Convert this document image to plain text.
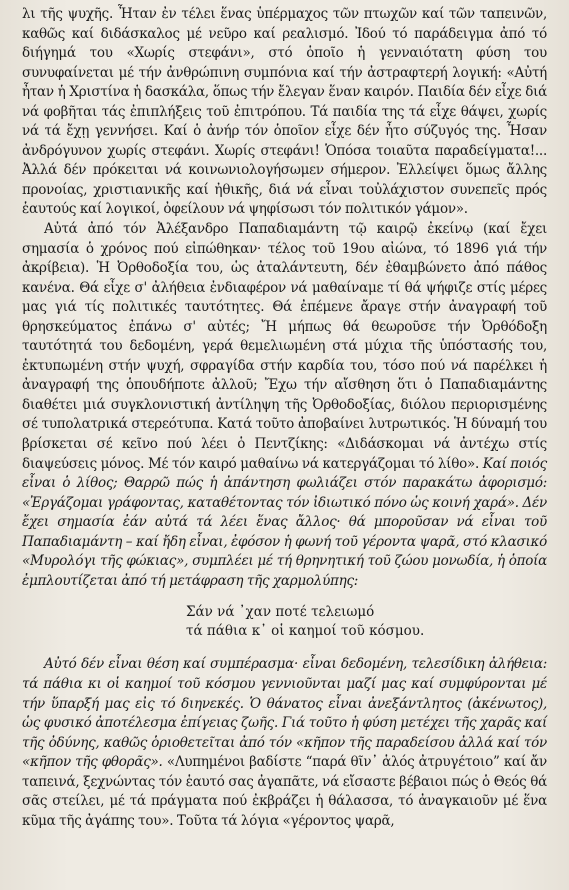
λι τῆς ψυχῆς. Ἦταν ἐν τέλει ἕνας ὑπέρμαχος τῶν πτωχῶν καί τῶν ταπεινῶν, καθῶς καί διδάσκαλος μέ νεῦρο καί ρεαλισμό. Ἰδού τό παράδειγμα ἀπό τό διήγημά του «Χωρίς στεφάνι», στό ὁποῖο ἡ γενναιότατη φύση του συνυφαίνεται μέ τήν ἀνθρώπινη συμπόνια καί τήν ἀστραφτερή λογική: «Αὐτή ἦταν ἡ Χριστίνα ἡ δασκάλα, ὅπως τήν ἔλεγαν ἕναν καιρόν. Παιδία δέν εἶχε διά νά φοβῆται τάς ἐπιπλήξεις τοῦ ἐπιτρόπου. Τά παιδία της τά εἶχε θάψει, χωρίς νά τά ἔχῃ γεννήσει. Καί ὁ ἀνήρ τόν ὁποῖον εἶχε δέν ἦτο σύζυγός της. Ἦσαν ἀνδρόγυνον χωρίς στεφάνι. Χωρίς στεφάνι! Ὁπόσα τοιαῦτα παραδείγματα!... Ἀλλά δέν πρόκειται νά κοινωνιολογήσωμεν σήμερον. Ἐλλείψει ὅμως ἄλλης προνοίας, χριστιανικῆς καί ἠθικῆς, διά νά εἶναι τοὐλάχιστον συνεπεῖς πρός ἑαυτούς καί λογικοί, ὀφείλουν νά ψηφίσωσι τόν πολιτικόν γάμον».

Αὐτά ἀπό τόν Ἀλέξανδρο Παπαδιαμάντη τῷ καιρῷ ἐκείνῳ (καί ἔχει σημασία ὁ χρόνος πού εἰπώθηκαν· τέλος τοῦ 19ου αἰώνα, τό 1896 γιά τήν ἀκρίβεια). Ἡ Ὀρθοδοξία του, ὡς ἀταλάντευτη, δέν ἐθαμβώνετο ἀπό πάθος κανένα. Θά εἶχε σ' ἀλήθεια ἐνδιαφέρον νά μαθαίναμε τί θά ψήφιζε στίς μέρες μας γιά τίς πολιτικές ταυτότητες. Θά ἐπέμενε ἄραγε στήν ἀναγραφή τοῦ θρησκεύματος ἐπάνω σ' αὐτές; Ἤ μήπως θά θεωροῦσε τήν Ὀρθόδοξη ταυτότητά του δεδομένη, γερά θεμελιωμένη στά μύχια τῆς ὑπόστασής του, ἐκτυπωμένη στήν ψυχή, σφραγίδα στήν καρδία του, τόσο πού νά παρέλκει ἡ ἀναγραφή της ὁπουδήποτε ἀλλοῦ; Ἔχω τήν αἴσθηση ὅτι ὁ Παπαδιαμάντης διαθέτει μιά συγκλονιστική ἀντίληψη τῆς Ὀρθοδοξίας, διόλου περιορισμένης σέ τυπολατρικά στερεότυπα. Κατά τοῦτο ἀποβαίνει λυτρωτικός. Ἡ δύναμή του βρίσκεται σέ κεῖνο πού λέει ὁ Πεντζίκης: «Διδάσκομαι νά ἀντέχω στίς διαψεύσεις μόνος. Μέ τόν καιρό μαθαίνω νά κατεργάζομαι τό λίθο». Καί ποιός εἶναι ὁ λίθος; Θαρρῶ πώς ἡ ἀπάντηση φωλιάζει στόν παρακάτω ἀφορισμό: «Ἐργάζομαι γράφοντας, καταθέτοντας τόν ἰδιωτικό πόνο ὡς κοινή χαρά». Δέν ἔχει σημασία ἐάν αὐτά τά λέει ἕνας ἄλλος· θά μποροῦσαν νά εἶναι τοῦ Παπαδιαμάντη – καί ἤδη εἶναι, ἐφόσον ἡ φωνή τοῦ γέροντα ψαρᾶ, στό κλασικό «Μυρολόγι τῆς φώκιας», συμπλέει μέ τή θρηνητική τοῦ ζώου μονωδία, ἡ ὁποία ἐμπλουτίζεται ἀπό τή μετάφραση τῆς χαρμολύπης:

Σάν νά ᾽χαν ποτέ τελειωμό
τά πάθια κ᾽ οἱ καημοί τοῦ κόσμου.

Αὐτό δέν εἶναι θέση καί συμπέρασμα· εἶναι δεδομένη, τελεσίδικη ἀλήθεια: τά πάθια κι οἱ καημοί τοῦ κόσμου γεννιοῦνται μαζί μας καί συμφύρονται μέ τήν ὕπαρξή μας εἰς τό διηνεκές. Ὁ θάνατος εἶναι ἀνεξάντλητος (ἀκένωτος), ὡς φυσικό ἀποτέλεσμα ἐπίγειας ζωῆς. Γιά τοῦτο ἡ φύση μετέχει τῆς χαρᾶς καί τῆς ὀδύνης, καθῶς ὁριοθετεῖται ἀπό τόν «κῆπον τῆς παραδείσου ἀλλά καί τόν «κῆπον τῆς φθορᾶς». «Λυπημένοι βαδίστε “παρά θῖν᾽ ἁλός ἀτρυγέτοιο” καί ἄν ταπεινά, ξεχνώντας τόν ἑαυτό σας ἀγαπᾶτε, νά εἴσαστε βέβαιοι πώς ὁ Θεός θά σᾶς στείλει, μέ τά πράγματα πού ἐκβράζει ἡ θάλασσα, τό ἀναγκαιοῦν μέ ἕνα κῦμα τῆς ἀγάπης του». Τοῦτα τά λόγια «γέροντος ψαρᾶ,
